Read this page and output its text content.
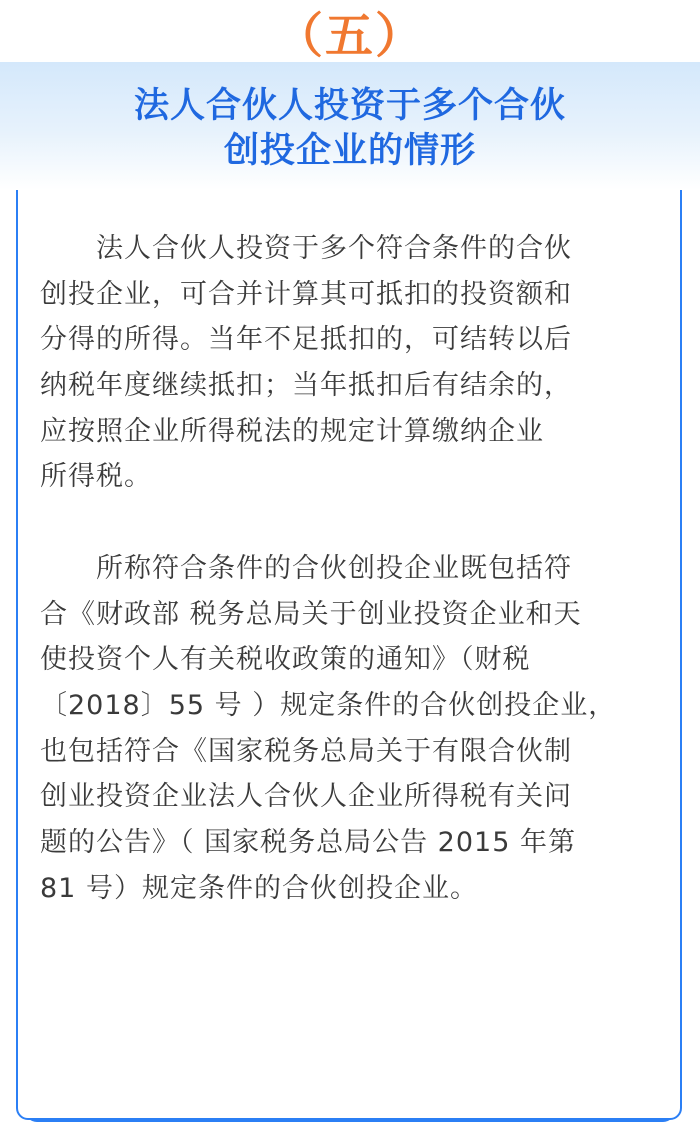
（五）
法人合伙人投资于多个合伙
创投企业的情形
　　法人合伙人投资于多个符合条件的合伙
创投企业，可合并计算其可抵扣的投资额和
分得的所得。当年不足抵扣的，可结转以后
纳税年度继续抵扣；当年抵扣后有结余的，
应按照企业所得税法的规定计算缴纳企业
所得税。
　　所称符合条件的合伙创投企业既包括符
合《财政部 税务总局关于创业投资企业和天
使投资个人有关税收政策的通知》（财税
〔2018〕55 号 ）规定条件的合伙创投企业，
也包括符合《国家税务总局关于有限合伙制
创业投资企业法人合伙人企业所得税有关问
题的公告》（ 国家税务总局公告 2015 年第
81 号）规定条件的合伙创投企业。
